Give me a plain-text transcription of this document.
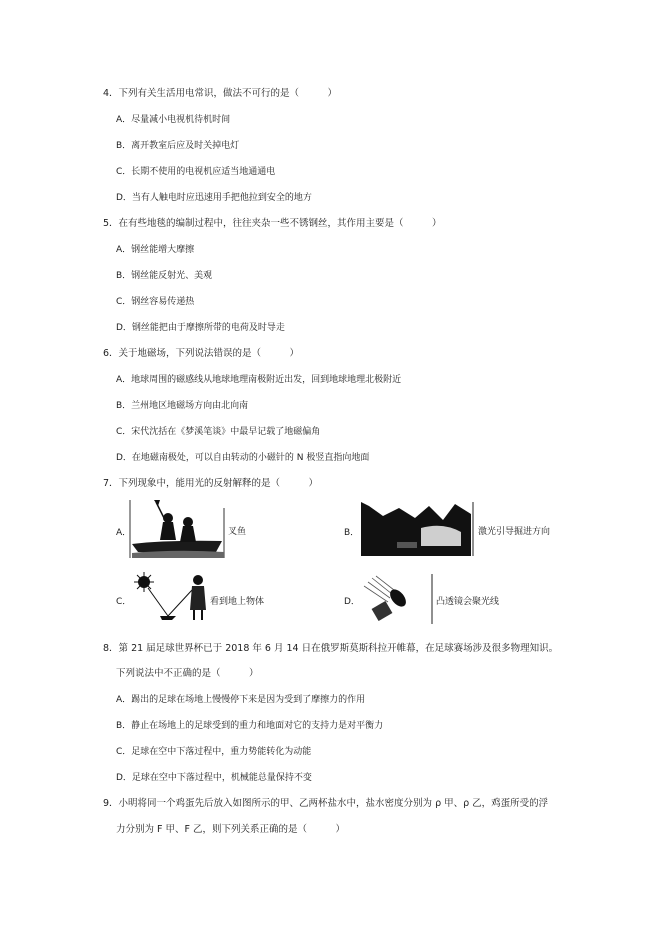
4．下列有关生活用电常识，做法不可行的是（　　　）
A．尽量减小电视机待机时间
B．离开教室后应及时关掉电灯
C．长期不使用的电视机应适当地通通电
D．当有人触电时应迅速用手把他拉到安全的地方
5．在有些地毯的编制过程中，往往夹杂一些不锈钢丝，其作用主要是（　　　）
A．钢丝能增大摩擦
B．钢丝能反射光、美观
C．钢丝容易传递热
D．钢丝能把由于摩擦所带的电荷及时导走
6．关于地磁场，下列说法错误的是（　　　）
A．地球周围的磁感线从地球地理南极附近出发，回到地球地理北极附近
B．兰州地区地磁场方向由北向南
C．宋代沈括在《梦溪笔谈》中最早记载了地磁偏角
D．在地磁南极处，可以自由转动的小磁针的 N 极竖直指向地面
7．下列现象中，能用光的反射解释的是（　　　）
A．	叉鱼	B．	激光引导掘进方向
C．	看到地上物体	D．	凸透镜会聚光线
8．第 21 届足球世界杯已于 2018 年 6 月 14 日在俄罗斯莫斯科拉开帷幕，在足球赛场涉及很多物理知识。
下列说法中不正确的是（　　　）
A．踢出的足球在场地上慢慢停下来是因为受到了摩擦力的作用
B．静止在场地上的足球受到的重力和地面对它的支持力是对平衡力
C．足球在空中下落过程中，重力势能转化为动能
D．足球在空中下落过程中，机械能总量保持不变
9．小明将同一个鸡蛋先后放入如图所示的甲、乙两杯盐水中，盐水密度分别为 ρ 甲、ρ 乙，鸡蛋所受的浮
力分别为 F 甲、F 乙，则下列关系正确的是（　　　）
